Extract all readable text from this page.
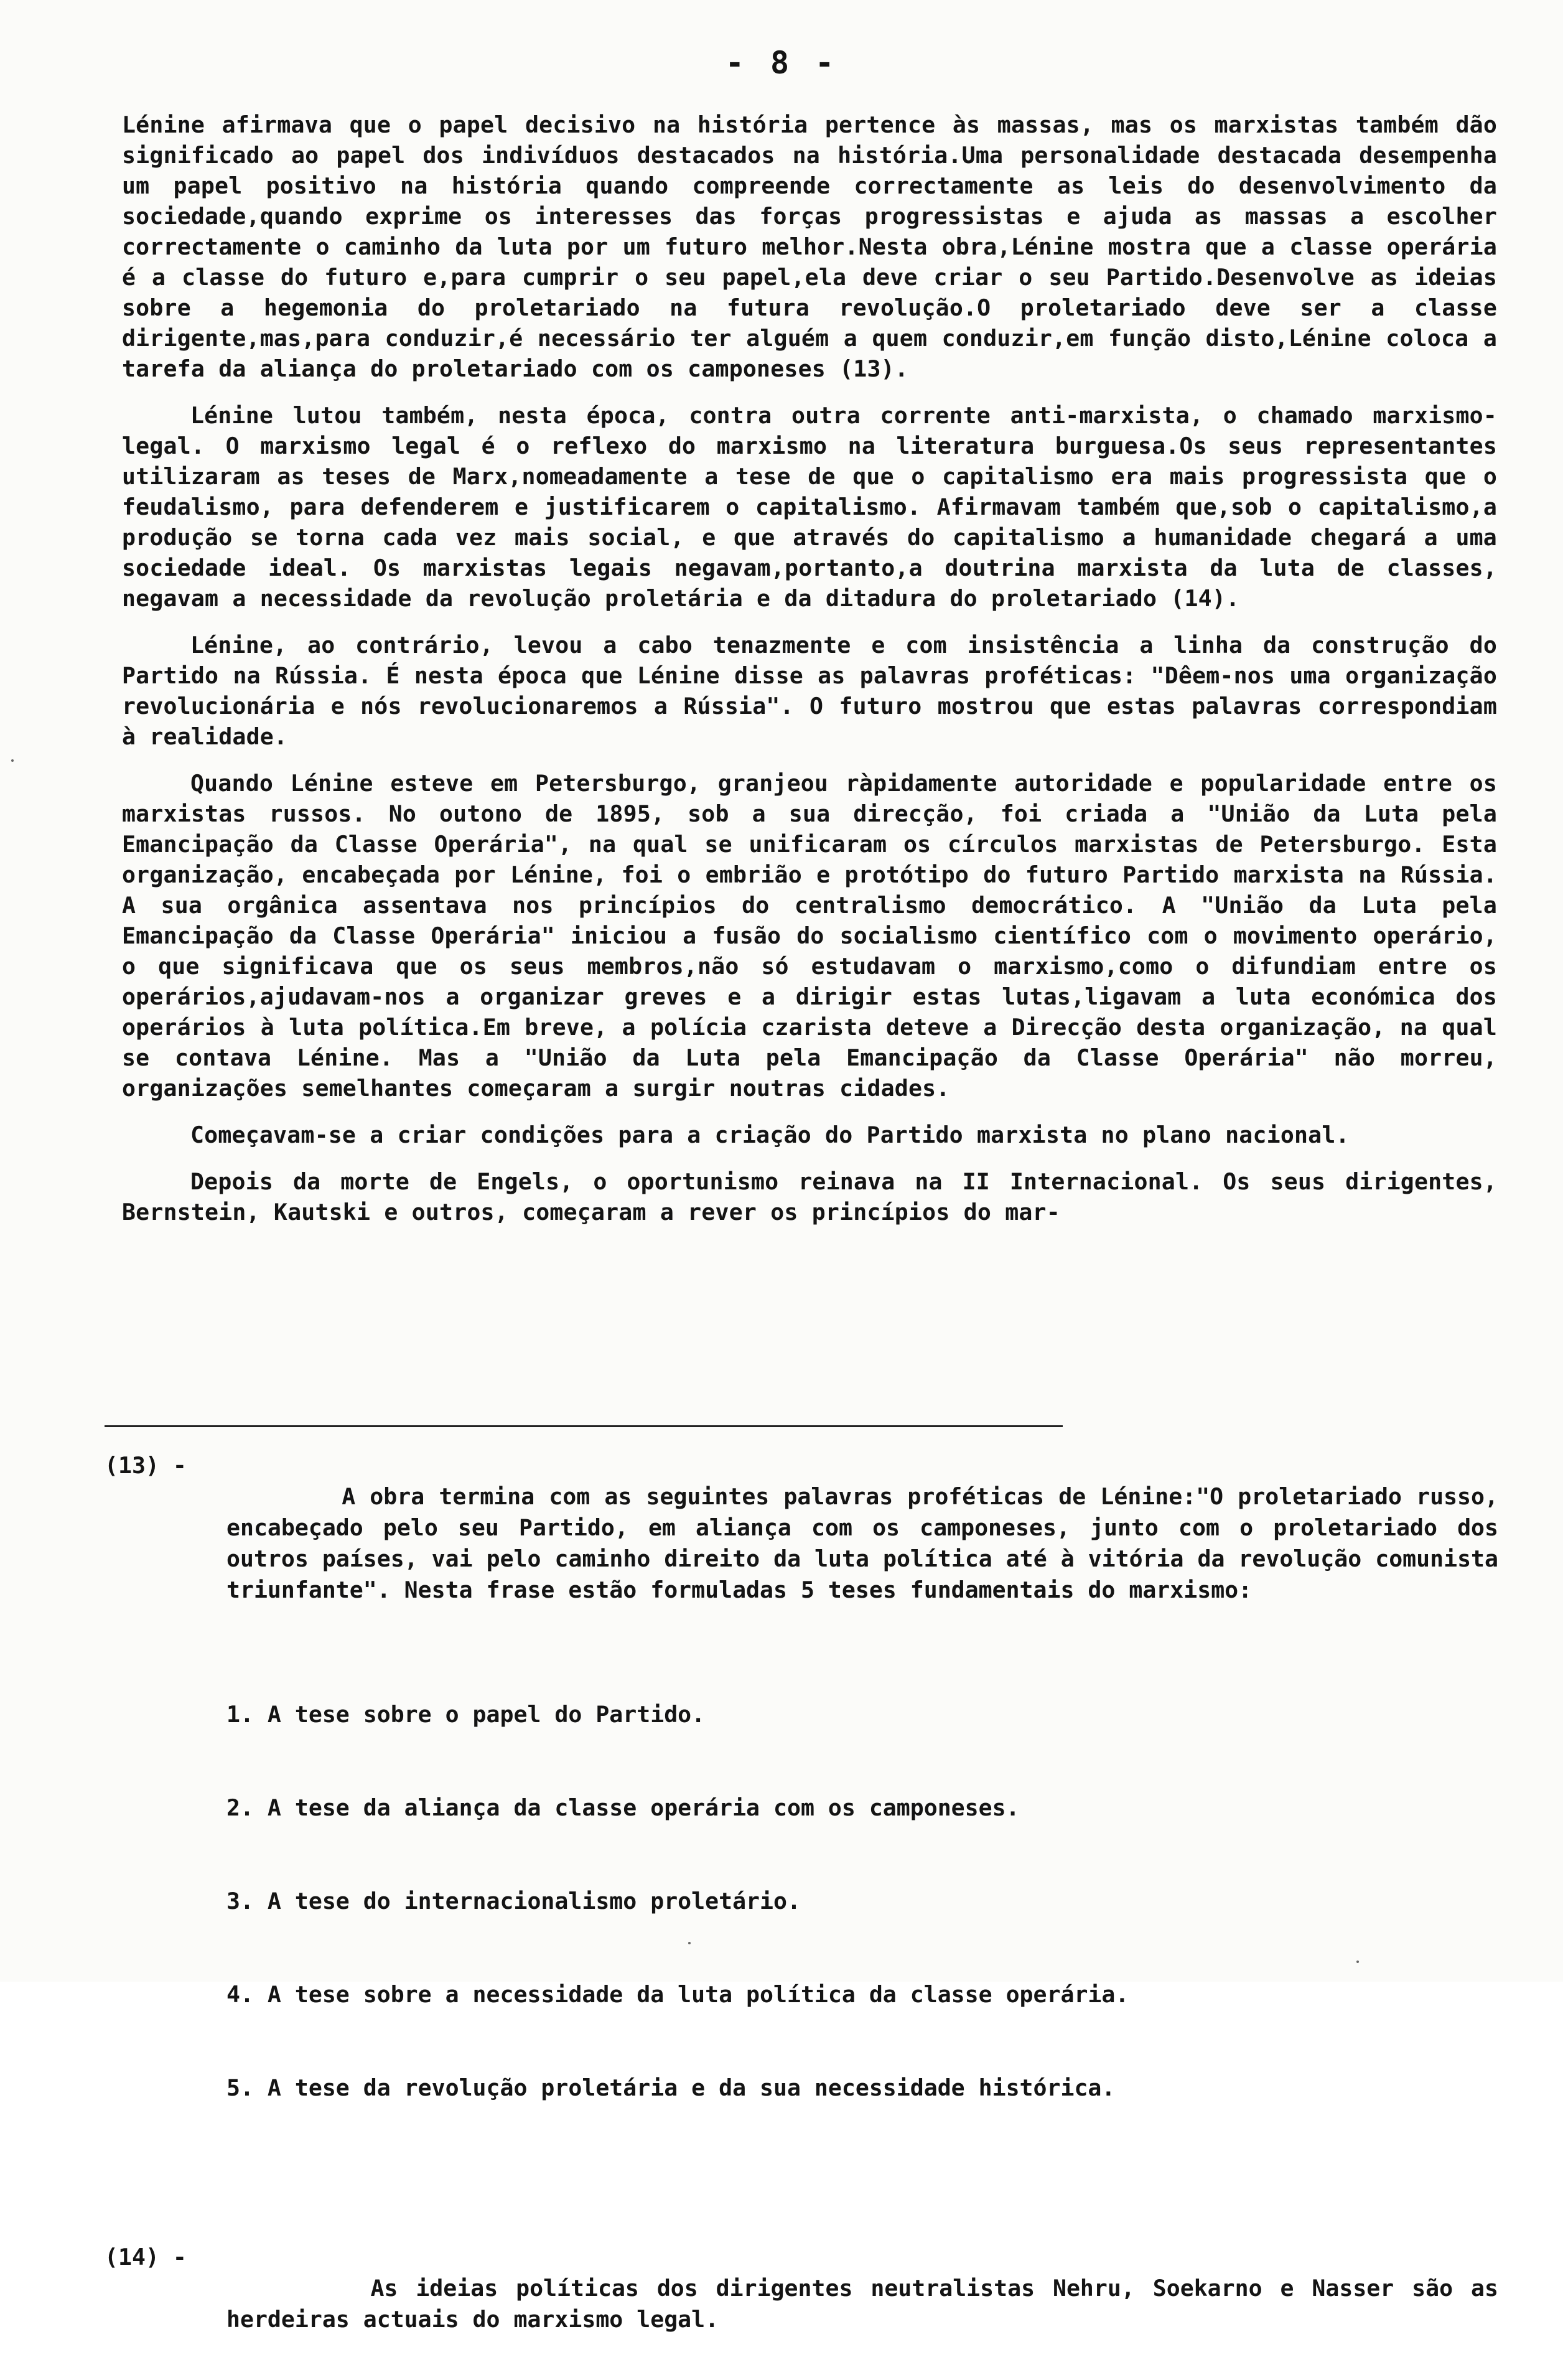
- 8 -

Lénine afirmava que o papel decisivo na história pertence às massas, mas os marxistas também dão significado ao papel dos indivíduos destacados na história.Uma personalidade destacada desempenha um papel positivo na história quando compreende correctamente as leis do desenvolvimento da sociedade,quando exprime os interesses das forças progressistas e ajuda as massas a escolher correctamente o caminho da luta por um futuro melhor.Nesta obra,Lénine mostra que a classe operária é a classe do futuro e,para cumprir o seu papel,ela deve criar o seu Partido.Desenvolve as ideias sobre a hegemonia do proletariado na futura revolução.O proletariado deve ser a classe dirigente,mas,para conduzir,é necessário ter alguém a quem conduzir,em função disto,Lénine coloca a tarefa da aliança do proletariado com os camponeses (13).

Lénine lutou também, nesta época, contra outra corrente anti-marxista, o chamado marxismo-legal. O marxismo legal é o reflexo do marxismo na literatura burguesa.Os seus representantes utilizaram as teses de Marx,nomeadamente a tese de que o capitalismo era mais progressista que o feudalismo, para defenderem e justificarem o capitalismo. Afirmavam também que,sob o capitalismo,a produção se torna cada vez mais social, e que através do capitalismo a humanidade chegará a uma sociedade ideal. Os marxistas legais negavam,portanto,a doutrina marxista da luta de classes, negavam a necessidade da revolução proletária e da ditadura do proletariado (14).

Lénine, ao contrário, levou a cabo tenazmente e com insistência a linha da construção do Partido na Rússia. É nesta época que Lénine disse as palavras proféticas: "Dêem-nos uma organização revolucionária e nós revolucionaremos a Rússia". O futuro mostrou que estas palavras correspondiam à realidade.

Quando Lénine esteve em Petersburgo, granjeou ràpidamente autoridade e popularidade entre os marxistas russos. No outono de 1895, sob a sua direcção, foi criada a "União da Luta pela Emancipação da Classe Operária", na qual se unificaram os círculos marxistas de Petersburgo. Esta organização, encabeçada por Lénine, foi o embrião e protótipo do futuro Partido marxista na Rússia. A sua orgânica assentava nos princípios do centralismo democrático. A "União da Luta pela Emancipação da Classe Operária" iniciou a fusão do socialismo científico com o movimento operário, o que significava que os seus membros,não só estudavam o marxismo,como o difundiam entre os operários,ajudavam-nos a organizar greves e a dirigir estas lutas,ligavam a luta económica dos operários à luta política.Em breve, a polícia czarista deteve a Direcção desta organização, na qual se contava Lénine. Mas a "União da Luta pela Emancipação da Classe Operária" não morreu, organizações semelhantes começaram a surgir noutras cidades.

Começavam-se a criar condições para a criação do Partido marxista no plano nacional.

Depois da morte de Engels, o oportunismo reinava na II Internacional. Os seus dirigentes, Bernstein, Kautski e outros, começaram a rever os princípios do mar-

(13) -

A obra termina com as seguintes palavras proféticas de Lénine:"O proletariado russo, encabeçado pelo seu Partido, em aliança com os camponeses, junto com o proletariado dos outros países, vai pelo caminho direito da luta política até à vitória da revolução comunista triunfante". Nesta frase estão formuladas 5 teses fundamentais do marxismo:

1. A tese sobre o papel do Partido.

2. A tese da aliança da classe operária com os camponeses.

3. A tese do internacionalismo proletário.

4. A tese sobre a necessidade da luta política da classe operária.

5. A tese da revolução proletária e da sua necessidade histórica.

(14) -

As ideias políticas dos dirigentes neutralistas Nehru, Soekarno e Nasser são as herdeiras actuais do marxismo legal.
